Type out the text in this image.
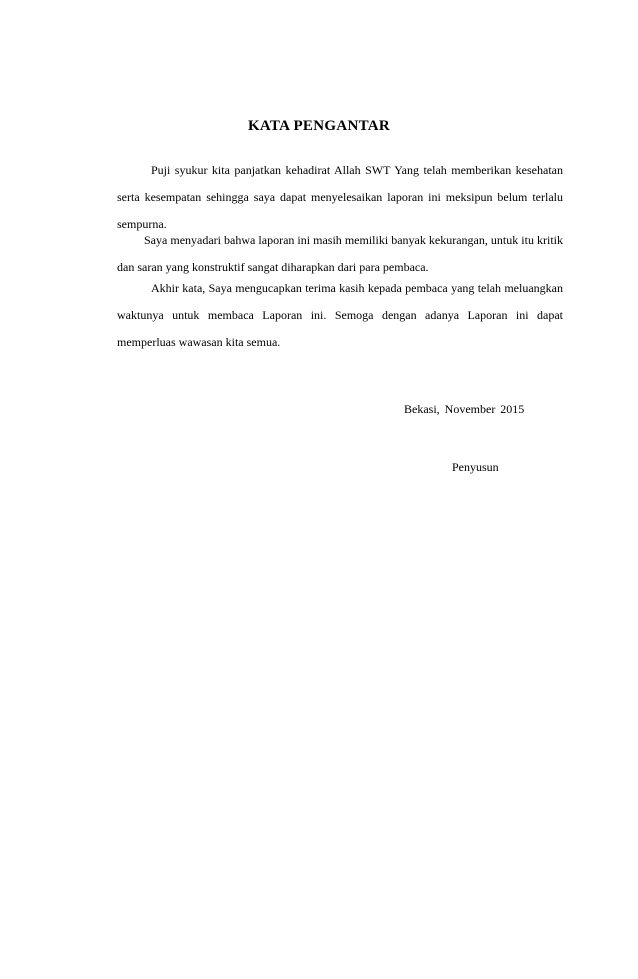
KATA PENGANTAR

Puji syukur kita panjatkan kehadirat Allah SWT Yang telah memberikan kesehatan serta kesempatan sehingga saya dapat menyelesaikan laporan ini meksipun belum terlalu sempurna.

Saya menyadari bahwa laporan ini masih memiliki banyak kekurangan, untuk itu kritik dan saran yang konstruktif sangat diharapkan dari para pembaca.

Akhir kata, Saya mengucapkan terima kasih kepada pembaca yang telah meluangkan waktunya untuk membaca Laporan ini. Semoga dengan adanya Laporan ini dapat memperluas wawasan kita semua.

Bekasi, November 2015

Penyusun
